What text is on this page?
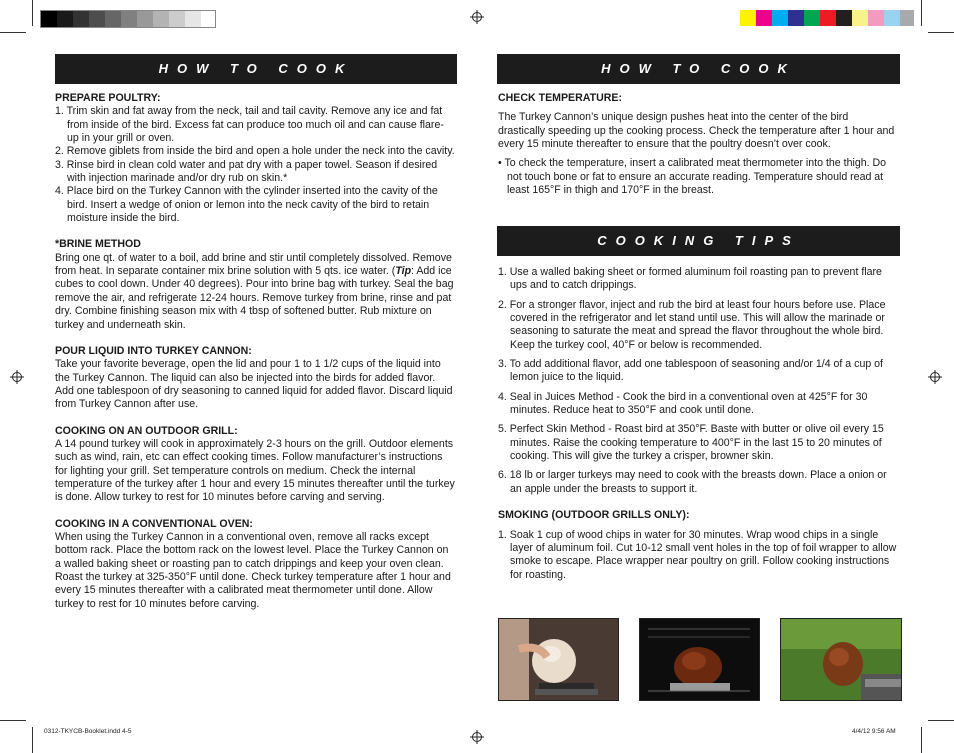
HOW TO COOK

PREPARE POULTRY:

1. Trim skin and fat away from the neck, tail and tail cavity. Remove any ice and fat from inside of the bird. Excess fat can produce too much oil and can cause flare-up in your grill or oven.

2. Remove giblets from inside the bird and open a hole under the neck into the cavity.

3. Rinse bird in clean cold water and pat dry with a paper towel. Season if desired with injection marinade and/or dry rub on skin.*

4. Place bird on the Turkey Cannon with the cylinder inserted into the cavity of the bird. Insert a wedge of onion or lemon into the neck cavity of the bird to retain moisture inside the bird.

*BRINE METHOD

Bring one qt. of water to a boil, add brine and stir until completely dissolved. Remove from heat. In separate container mix brine solution with 5 qts. ice water. (Tip: Add ice cubes to cool down. Under 40 degrees). Pour into brine bag with turkey. Seal the bag remove the air, and refrigerate 12-24 hours. Remove turkey from brine, rinse and pat dry. Combine finishing season mix with 4 tbsp of softened butter. Rub mixture on turkey and underneath skin.

POUR LIQUID INTO TURKEY CANNON:

Take your favorite beverage, open the lid and pour 1 to 1 1/2 cups of the liquid into the Turkey Cannon. The liquid can also be injected into the birds for added flavor. Add one tablespoon of dry seasoning to canned liquid for added flavor. Discard liquid from Turkey Cannon after use.

COOKING ON AN OUTDOOR GRILL:

A 14 pound turkey will cook in approximately 2-3 hours on the grill. Outdoor elements such as wind, rain, etc can effect cooking times. Follow manufacturer’s instructions for lighting your grill. Set temperature controls on medium. Check the internal temperature of the turkey after 1 hour and every 15 minutes thereafter until the turkey is done. Allow turkey to rest for 10 minutes before carving and serving.

COOKING IN A CONVENTIONAL OVEN:

When using the Turkey Cannon in a conventional oven, remove all racks except bottom rack. Place the bottom rack on the lowest level. Place the Turkey Cannon on a walled baking sheet or roasting pan to catch drippings and keep your oven clean. Roast the turkey at 325-350°F until done. Check turkey temperature after 1 hour and every 15 minutes thereafter with a calibrated meat thermometer until done. Allow turkey to rest for 10 minutes before carving.

HOW TO COOK

CHECK TEMPERATURE:

The Turkey Cannon’s unique design pushes heat into the center of the bird drastically speeding up the cooking process. Check the temperature after 1 hour and every 15 minute thereafter to ensure that the poultry doesn’t over cook.

• To check the temperature, insert a calibrated meat thermometer into the thigh. Do not touch bone or fat to ensure an accurate reading. Temperature should read at least 165°F in thigh and 170°F in the breast.

COOKING TIPS

1. Use a walled baking sheet or formed aluminum foil roasting pan to prevent flare ups and to catch drippings.

2. For a stronger flavor, inject and rub the bird at least four hours before use. Place covered in the refrigerator and let stand until use. This will allow the marinade or seasoning to saturate the meat and spread the flavor throughout the whole bird. Keep the turkey cool, 40°F or below is recommended.

3. To add additional flavor, add one tablespoon of seasoning and/or 1/4 of a cup of lemon juice to the liquid.

4. Seal in Juices Method - Cook the bird in a conventional oven at 425°F for 30 minutes. Reduce heat to 350°F and cook until done.

5. Perfect Skin Method - Roast bird at 350°F. Baste with butter or olive oil every 15 minutes. Raise the cooking temperature to 400°F in the last 15 to 20 minutes of cooking. This will give the turkey a crisper, browner skin.

6. 18 lb or larger turkeys may need to cook with the breasts down. Place a onion or an apple under the breasts to support it.

SMOKING (OUTDOOR GRILLS ONLY):

1. Soak 1 cup of wood chips in water for 30 minutes. Wrap wood chips in a single layer of aluminum foil. Cut 10-12 small vent holes in the top of foil wrapper to allow smoke to escape. Place wrapper near poultry on grill. Follow cooking instructions for roasting.

0312-TKYCB-Booklet.indd 4-5	4/4/12 9:56 AM
